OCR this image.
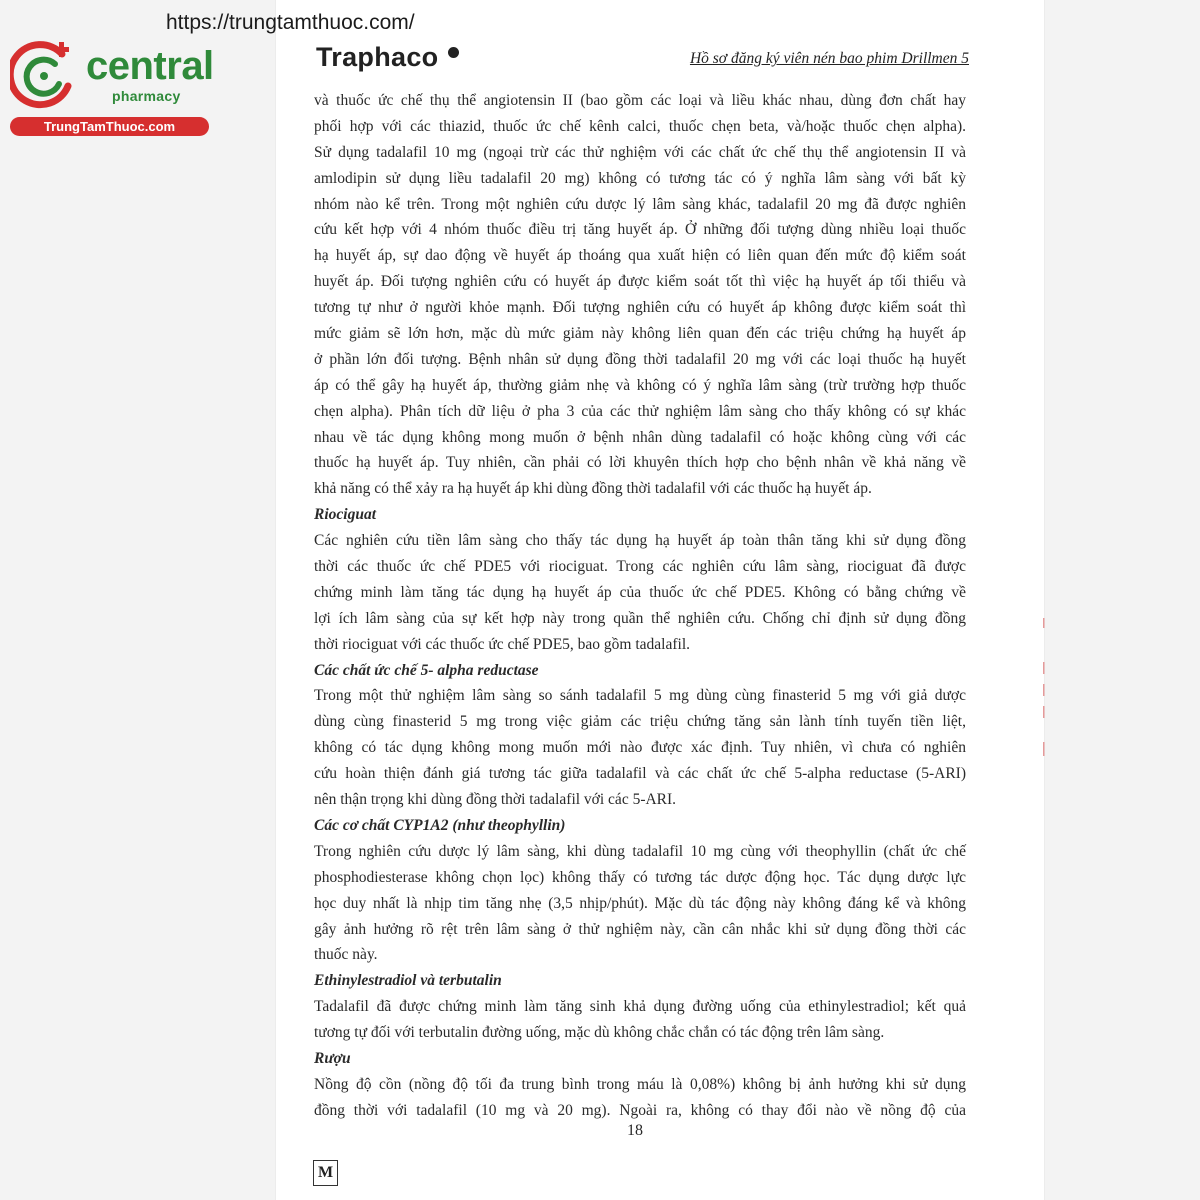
https://trungtamthuoc.com/
central
pharmacy
TrungTamThuoc.com
Traphaco	Hồ sơ đăng ký viên nén bao phim Drillmen 5
và thuốc ức chế thụ thể angiotensin II (bao gồm các loại và liều khác nhau, dùng đơn chất hay
phối hợp với các thiazid, thuốc ức chế kênh calci, thuốc chẹn beta, và/hoặc thuốc chẹn alpha).
Sử dụng tadalafil 10 mg (ngoại trừ các thử nghiệm với các chất ức chế thụ thể angiotensin II và
amlodipin sử dụng liều tadalafil 20 mg) không có tương tác có ý nghĩa lâm sàng với bất kỳ
nhóm nào kể trên. Trong một nghiên cứu dược lý lâm sàng khác, tadalafil 20 mg đã được nghiên
cứu kết hợp với 4 nhóm thuốc điều trị tăng huyết áp. Ở những đối tượng dùng nhiều loại thuốc
hạ huyết áp, sự dao động về huyết áp thoáng qua xuất hiện có liên quan đến mức độ kiểm soát
huyết áp. Đối tượng nghiên cứu có huyết áp được kiểm soát tốt thì việc hạ huyết áp tối thiểu và
tương tự như ở người khỏe mạnh. Đối tượng nghiên cứu có huyết áp không được kiểm soát thì
mức giảm sẽ lớn hơn, mặc dù mức giảm này không liên quan đến các triệu chứng hạ huyết áp
ở phần lớn đối tượng. Bệnh nhân sử dụng đồng thời tadalafil 20 mg với các loại thuốc hạ huyết
áp có thể gây hạ huyết áp, thường giảm nhẹ và không có ý nghĩa lâm sàng (trừ trường hợp thuốc
chẹn alpha). Phân tích dữ liệu ở pha 3 của các thử nghiệm lâm sàng cho thấy không có sự khác
nhau về tác dụng không mong muốn ở bệnh nhân dùng tadalafil có hoặc không cùng với các
thuốc hạ huyết áp. Tuy nhiên, cần phải có lời khuyên thích hợp cho bệnh nhân về khả năng về
khả năng có thể xảy ra hạ huyết áp khi dùng đồng thời tadalafil với các thuốc hạ huyết áp.
Riociguat
Các nghiên cứu tiền lâm sàng cho thấy tác dụng hạ huyết áp toàn thân tăng khi sử dụng đồng
thời các thuốc ức chế PDE5 với riociguat. Trong các nghiên cứu lâm sàng, riociguat đã được
chứng minh làm tăng tác dụng hạ huyết áp của thuốc ức chế PDE5. Không có bằng chứng về
lợi ích lâm sàng của sự kết hợp này trong quần thể nghiên cứu. Chống chỉ định sử dụng đồng
thời riociguat với các thuốc ức chế PDE5, bao gồm tadalafil.
Các chất ức chế 5- alpha reductase
Trong một thử nghiệm lâm sàng so sánh tadalafil 5 mg dùng cùng finasterid 5 mg với giả dược
dùng cùng finasterid 5 mg trong việc giảm các triệu chứng tăng sản lành tính tuyến tiền liệt,
không có tác dụng không mong muốn mới nào được xác định. Tuy nhiên, vì chưa có nghiên
cứu hoàn thiện đánh giá tương tác giữa tadalafil và các chất ức chế 5-alpha reductase (5-ARI)
nên thận trọng khi dùng đồng thời tadalafil với các 5-ARI.
Các cơ chất CYP1A2 (như theophyllin)
Trong nghiên cứu dược lý lâm sàng, khi dùng tadalafil 10 mg cùng với theophyllin (chất ức chế
phosphodiesterase không chọn lọc) không thấy có tương tác dược động học. Tác dụng dược lực
học duy nhất là nhịp tim tăng nhẹ (3,5 nhịp/phút). Mặc dù tác động này không đáng kể và không
gây ảnh hưởng rõ rệt trên lâm sàng ở thử nghiệm này, cần cân nhắc khi sử dụng đồng thời các
thuốc này.
Ethinylestradiol và terbutalin
Tadalafil đã được chứng minh làm tăng sinh khả dụng đường uống của ethinylestradiol; kết quả
tương tự đối với terbutalin đường uống, mặc dù không chắc chắn có tác động trên lâm sàng.
Rượu
Nồng độ cồn (nồng độ tối đa trung bình trong máu là 0,08%) không bị ảnh hưởng khi sử dụng
đồng thời với tadalafil (10 mg và 20 mg). Ngoài ra, không có thay đổi nào về nồng độ của
18
M
